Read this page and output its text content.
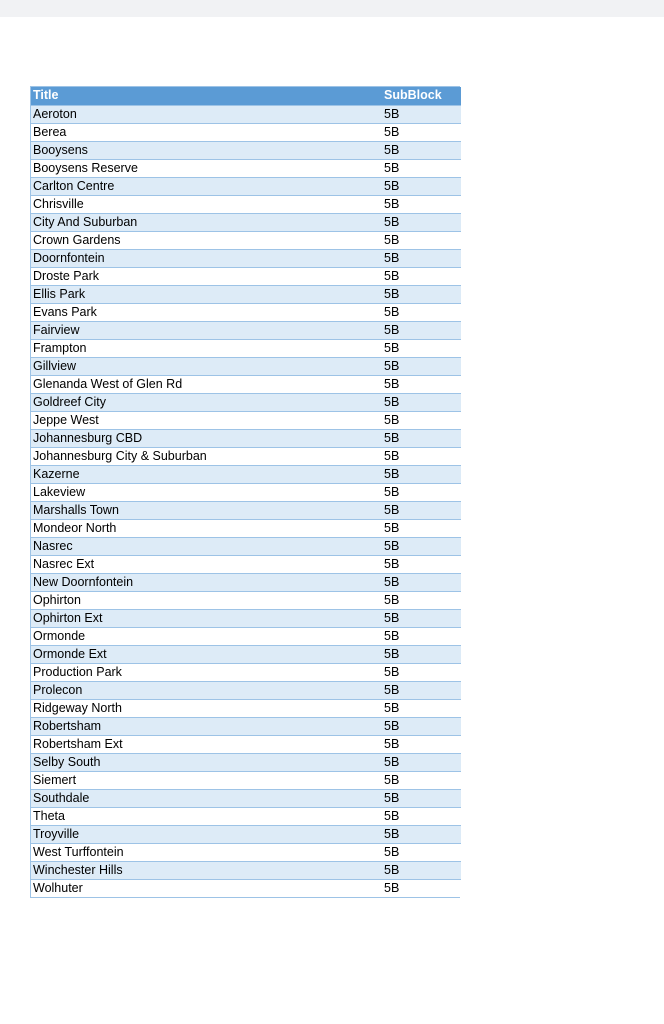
Title	SubBlock
Aeroton	5B
Berea	5B
Booysens	5B
Booysens Reserve	5B
Carlton Centre	5B
Chrisville	5B
City And Suburban	5B
Crown Gardens	5B
Doornfontein	5B
Droste Park	5B
Ellis Park	5B
Evans Park	5B
Fairview	5B
Frampton	5B
Gillview	5B
Glenanda West of Glen Rd	5B
Goldreef City	5B
Jeppe West	5B
Johannesburg CBD	5B
Johannesburg City & Suburban	5B
Kazerne	5B
Lakeview	5B
Marshalls Town	5B
Mondeor North	5B
Nasrec	5B
Nasrec Ext	5B
New Doornfontein	5B
Ophirton	5B
Ophirton Ext	5B
Ormonde	5B
Ormonde Ext	5B
Production Park	5B
Prolecon	5B
Ridgeway North	5B
Robertsham	5B
Robertsham Ext	5B
Selby South	5B
Siemert	5B
Southdale	5B
Theta	5B
Troyville	5B
West Turffontein	5B
Winchester Hills	5B
Wolhuter	5B
